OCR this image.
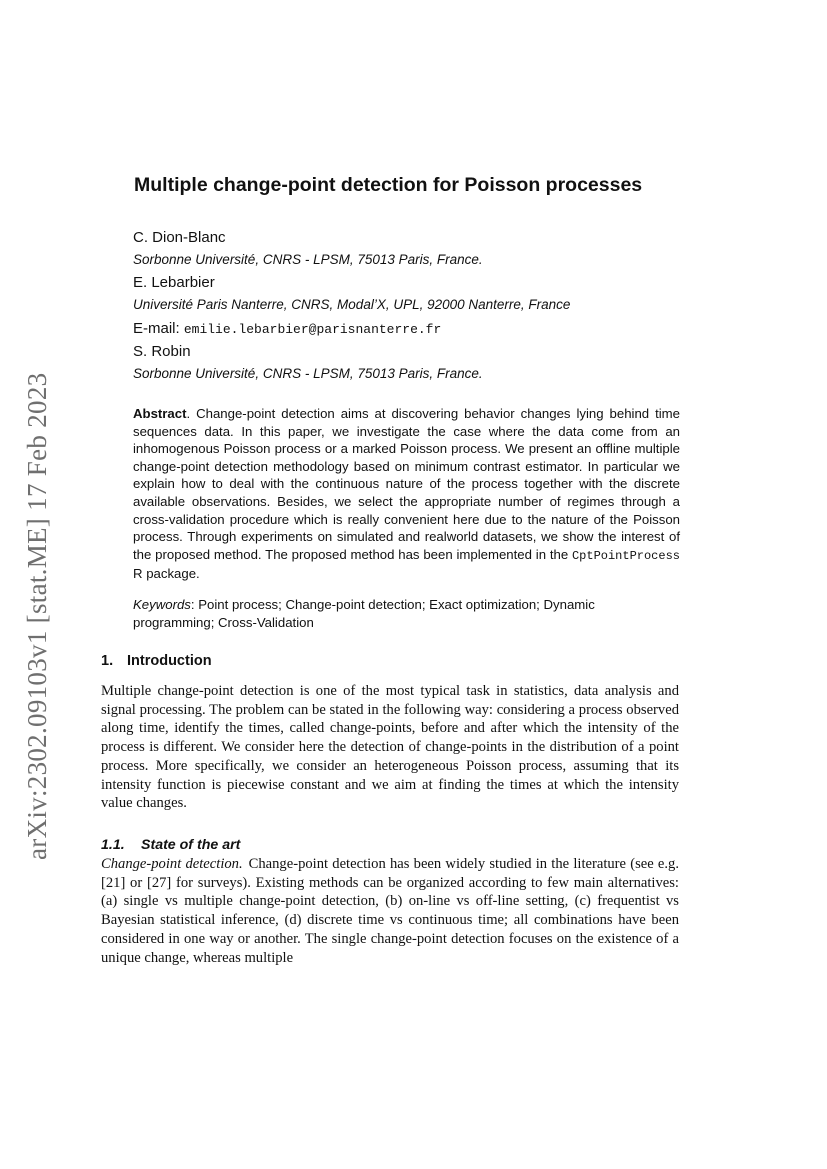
arXiv:2302.09103v1 [stat.ME] 17 Feb 2023
Multiple change-point detection for Poisson processes
C. Dion-Blanc
Sorbonne Université, CNRS - LPSM, 75013 Paris, France.
E. Lebarbier
Université Paris Nanterre, CNRS, Modal’X, UPL, 92000 Nanterre, France
E-mail: emilie.lebarbier@parisnanterre.fr
S. Robin
Sorbonne Université, CNRS - LPSM, 75013 Paris, France.

Abstract. Change-point detection aims at discovering behavior changes lying behind time sequences data. In this paper, we investigate the case where the data come from an inhomogenous Poisson process or a marked Poisson process. We present an offline multiple change-point detection methodology based on minimum contrast estimator. In particular we explain how to deal with the continuous nature of the process together with the discrete available observations. Besides, we select the appropriate number of regimes through a cross-validation procedure which is really convenient here due to the nature of the Poisson process. Through experiments on simulated and realworld datasets, we show the interest of the proposed method. The proposed method has been implemented in the CptPointProcess R package.

Keywords: Point process; Change-point detection; Exact optimization; Dynamic programming; Cross-Validation

1. Introduction

Multiple change-point detection is one of the most typical task in statistics, data analysis and signal processing. The problem can be stated in the following way: considering a process observed along time, identify the times, called change-points, before and after which the intensity of the process is different. We consider here the detection of change-points in the distribution of a point process. More specifically, we consider an heterogeneous Poisson process, assuming that its intensity function is piecewise constant and we aim at finding the times at which the intensity value changes.

1.1. State of the art

Change-point detection. Change-point detection has been widely studied in the literature (see e.g. [21] or [27] for surveys). Existing methods can be organized according to few main alternatives: (a) single vs multiple change-point detection, (b) on-line vs off-line setting, (c) frequentist vs Bayesian statistical inference, (d) discrete time vs continuous time; all combinations have been considered in one way or another. The single change-point detection focuses on the existence of a unique change, whereas multiple
